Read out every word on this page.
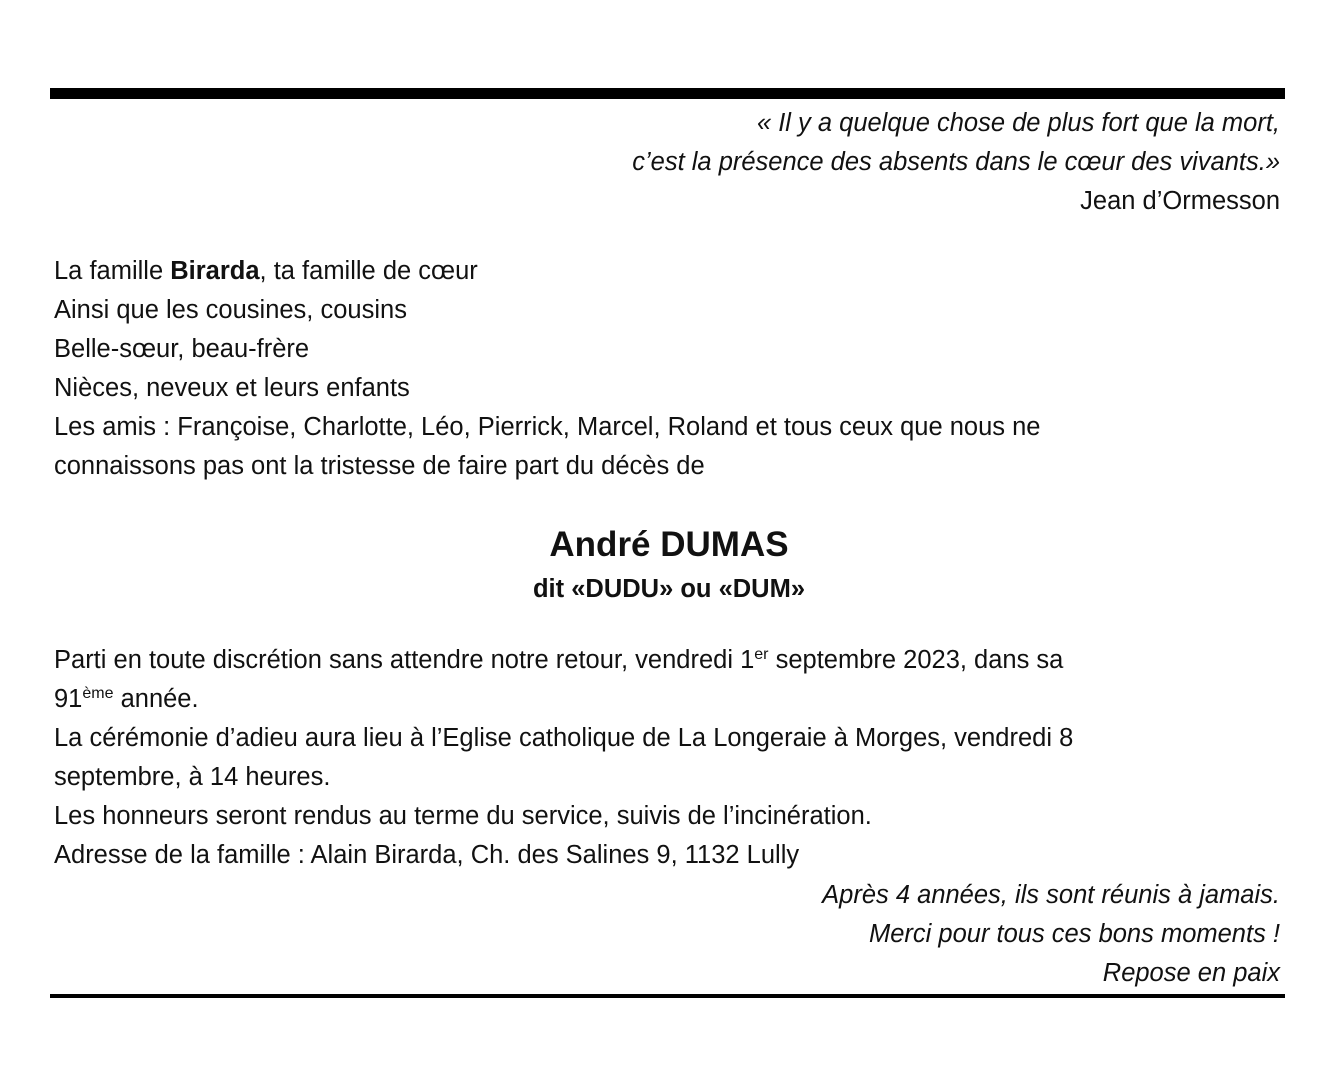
« Il y a quelque chose de plus fort que la mort,
c’est la présence des absents dans le cœur des vivants.»
Jean d’Ormesson
La famille Birarda, ta famille de cœur
Ainsi que les cousines, cousins
Belle-sœur, beau-frère
Nièces, neveux et leurs enfants
Les amis : Françoise, Charlotte, Léo, Pierrick, Marcel, Roland et tous ceux que nous ne
connaissons pas ont la tristesse de faire part du décès de
André DUMAS
dit «DUDU» ou «DUM»
Parti en toute discrétion sans attendre notre retour, vendredi 1er septembre 2023, dans sa
91ème année.
La cérémonie d’adieu aura lieu à l’Eglise catholique de La Longeraie à Morges, vendredi 8
septembre, à 14 heures.
Les honneurs seront rendus au terme du service, suivis de l’incinération.
Adresse de la famille : Alain Birarda, Ch. des Salines 9, 1132 Lully
Après 4 années, ils sont réunis à jamais.
Merci pour tous ces bons moments !
Repose en paix
